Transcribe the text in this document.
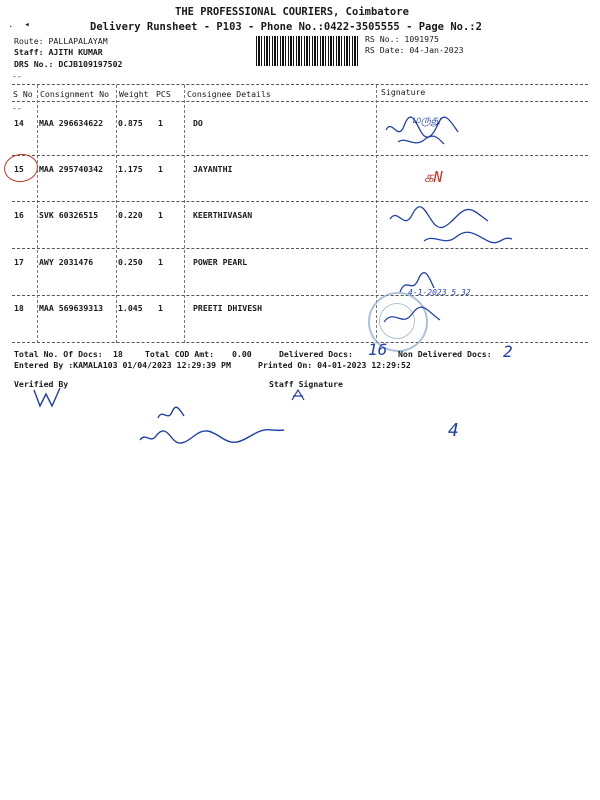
THE PROFESSIONAL COURIERS, Coimbatore
Delivery Runsheet - P103 - Phone No.:0422-3505555 - Page No.:2
.  ◂
Route: PALLAPALAYAM
Staff: AJITH KUMAR
DRS No.: DCJB109197502
RS No.: 1091975
RS Date: 04-Jan-2023
--
S No Consignment No Weight PCS Consignee Details	Signature
--
14 MAA 296634622 0.875 1	DO
15 MAA 295740342 1.175 1	JAYANTHI
16 SVK 60326515 0.220 1	KEERTHIVASAN
17 AWY 2031476	0.250 1	POWER PEARL
18 MAA 569639313 1.045 1	PREETI DHIVESH
மருது
கN
4-1-2023 5.32
Total No. Of Docs: 18	Total COD Amt: 0.00	Delivered Docs: 16 Non Delivered Docs: 2
Entered By :KAMALA103 01/04/2023 12:29:39 PM	Printed On: 04-01-2023 12:29:52
Verified By	Staff Signature
4
